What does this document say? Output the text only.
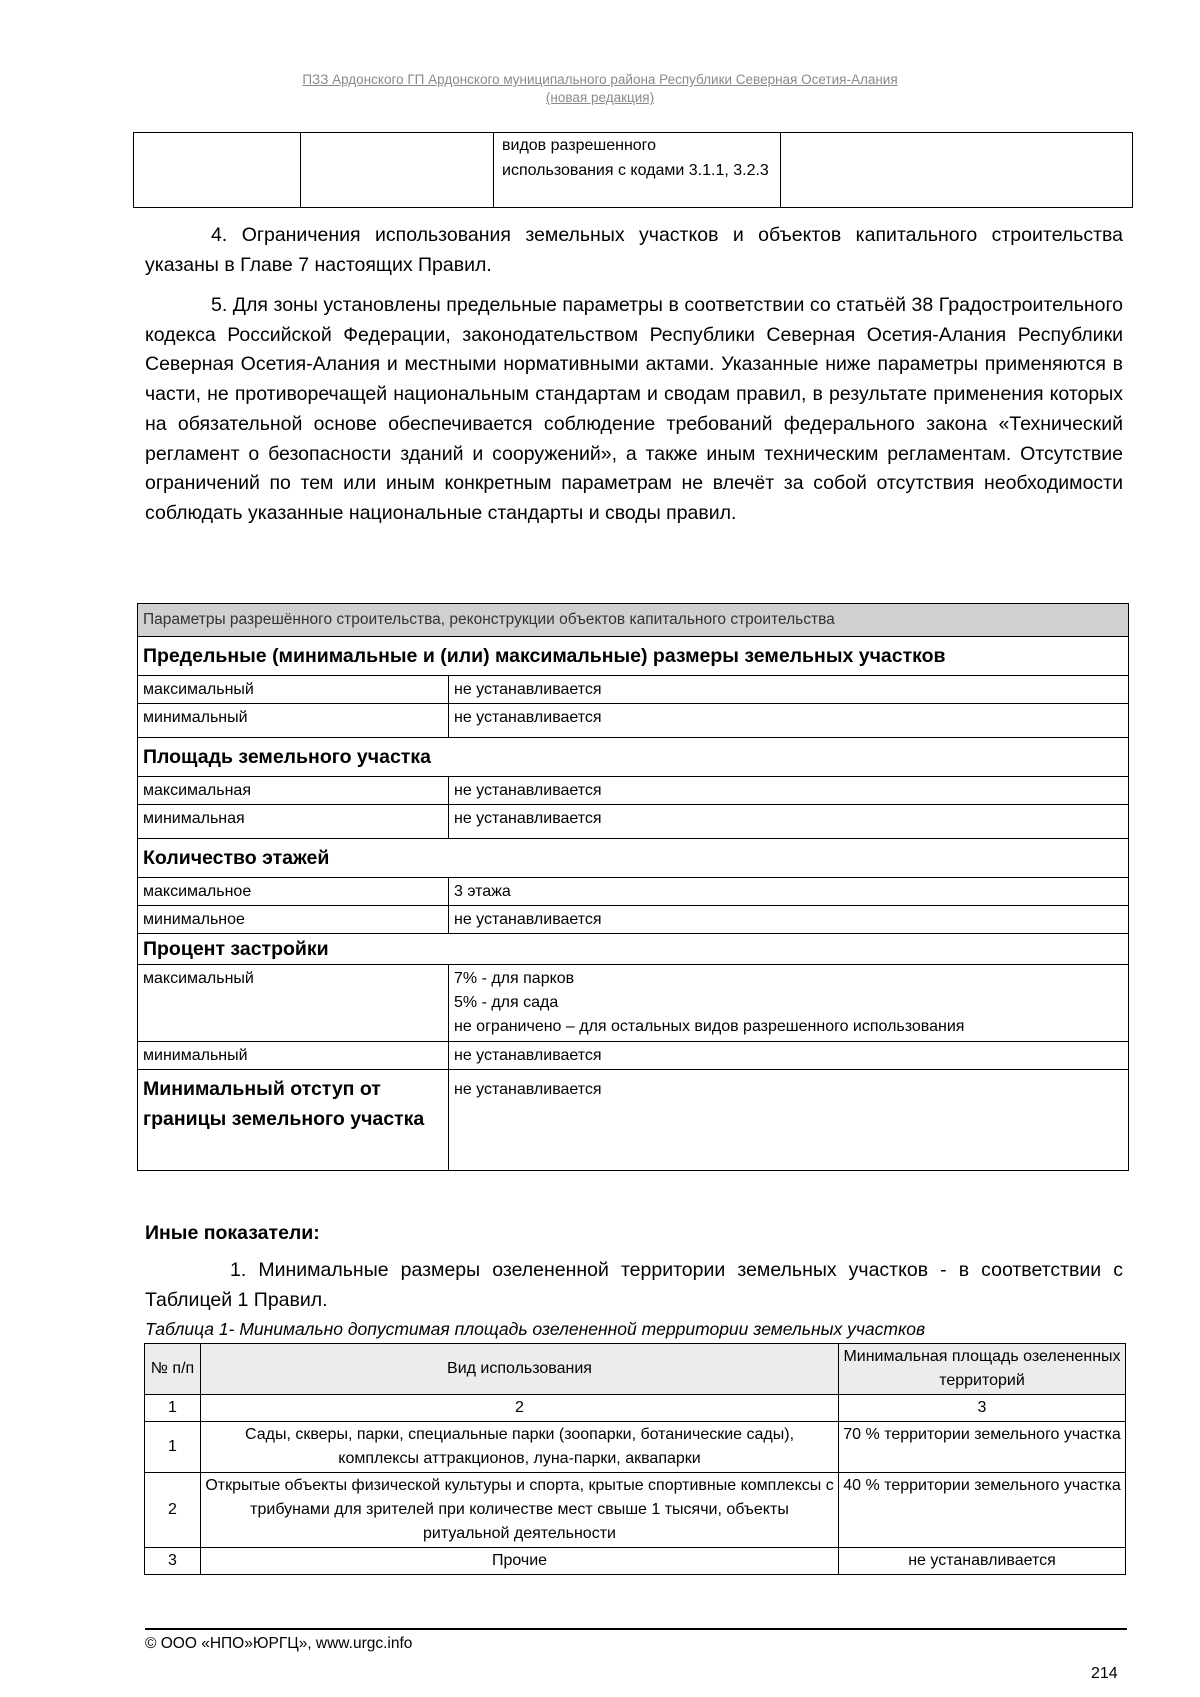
ПЗЗ Ардонского ГП Ардонского муниципального района Республики Северная Осетия-Алания
(новая редакция)
		видов разрешенного использования с кодами 3.1.1, 3.2.3	

4. Ограничения использования земельных участков и объектов капитального строительства указаны в Главе 7 настоящих Правил.

5. Для зоны установлены предельные параметры в соответствии со статьёй 38 Градостроительного кодекса Российской Федерации, законодательством Республики Северная Осетия-Алания Республики Северная Осетия-Алания и местными нормативными актами. Указанные ниже параметры применяются в части, не противоречащей национальным стандартам и сводам правил, в результате применения которых на обязательной основе обеспечивается соблюдение требований федерального закона «Технический регламент о безопасности зданий и сооружений», а также иным техническим регламентам. Отсутствие ограничений по тем или иным конкретным параметрам не влечёт за собой отсутствия необходимости соблюдать указанные национальные стандарты и своды правил.

Параметры разрешённого строительства, реконструкции объектов капитального строительства	
Предельные (минимальные и (или) максимальные) размеры земельных участков	
максимальный	не устанавливается
минимальный	не устанавливается
Площадь земельного участка	
максимальная	не устанавливается
минимальная	не устанавливается
Количество этажей	
максимальное	3 этажа
минимальное	не устанавливается
Процент застройки	
максимальный	7% - для парков
5% - для сада
не ограничено – для остальных видов разрешенного использования

минимальный	не устанавливается
Минимальный отступ от границы земельного участка	не устанавливается
Иные показатели:

1. Минимальные размеры озелененной территории земельных участков - в соответствии с Таблицей 1 Правил.

Таблица 1- Минимально допустимая площадь озелененной территории земельных участков
№ п/п	Вид использования	Минимальная площадь озелененных территорий
1	2	3
1	Сады, скверы, парки, специальные парки (зоопарки, ботанические сады), комплексы аттракционов, луна-парки, аквапарки	70 % территории земельного участка
2	Открытые объекты физической культуры и спорта, крытые спортивные комплексы с трибунами для зрителей при количестве мест свыше 1 тысячи, объекты ритуальной деятельности	40 % территории земельного участка
3	Прочие	не устанавливается
© ООО «НПО»ЮРГЦ», www.urgc.info
214
